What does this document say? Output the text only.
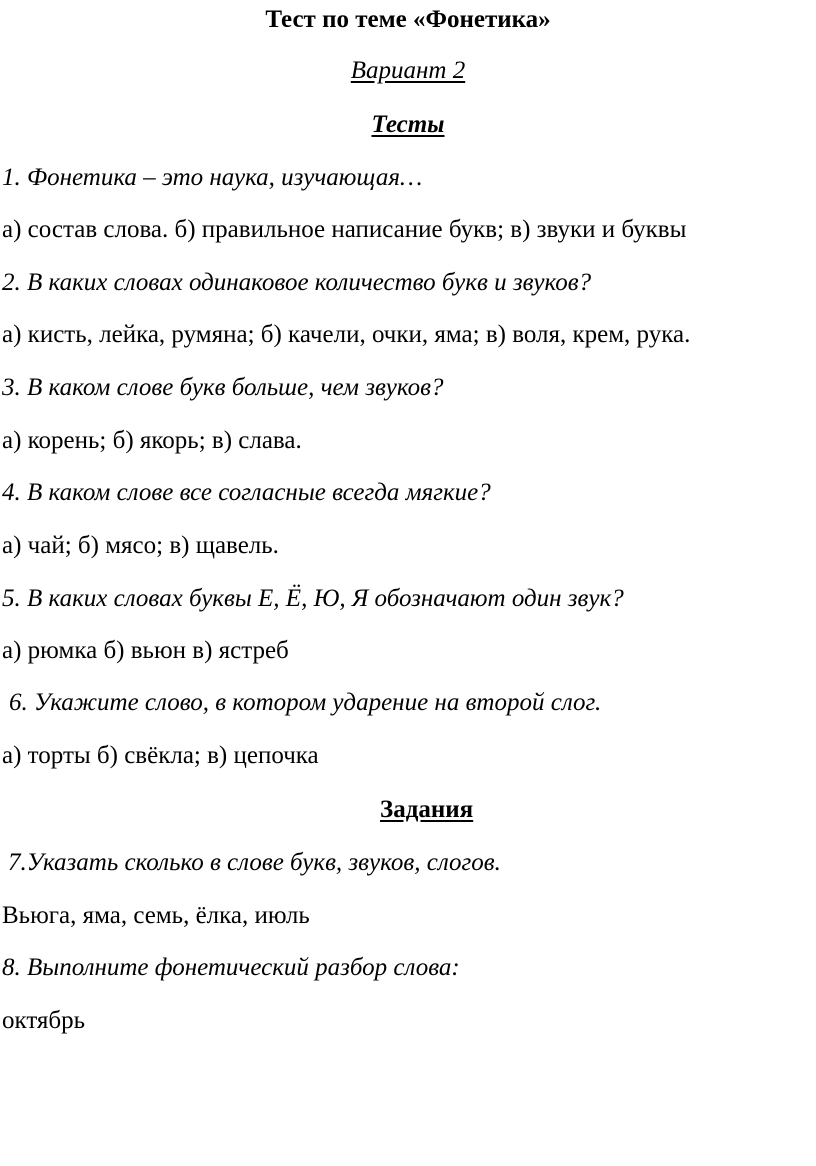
Тест по теме «Фонетика»
Вариант 2
Тесты
1. Фонетика – это наука, изучающая…
а) состав слова. б) правильное написание букв; в) звуки и буквы
2. В каких словах одинаковое количество букв и звуков?
а) кисть, лейка, румяна; б) качели, очки, яма; в) воля, крем, рука.
3. В каком слове букв больше, чем звуков?
а) корень; б) якорь; в) слава.
4. В каком слове все согласные всегда мягкие?
а) чай; б) мясо; в) щавель.
5. В каких словах буквы Е, Ё, Ю, Я обозначают один звук?
а) рюмка б) вьюн в) ястреб
6. Укажите слово, в котором ударение на второй слог.
а) торты б) свёкла; в) цепочка
Задания
7.Указать сколько в слове букв, звуков, слогов.
Вьюга, яма, семь, ёлка, июль
8. Выполните фонетический разбор слова:
октябрь
